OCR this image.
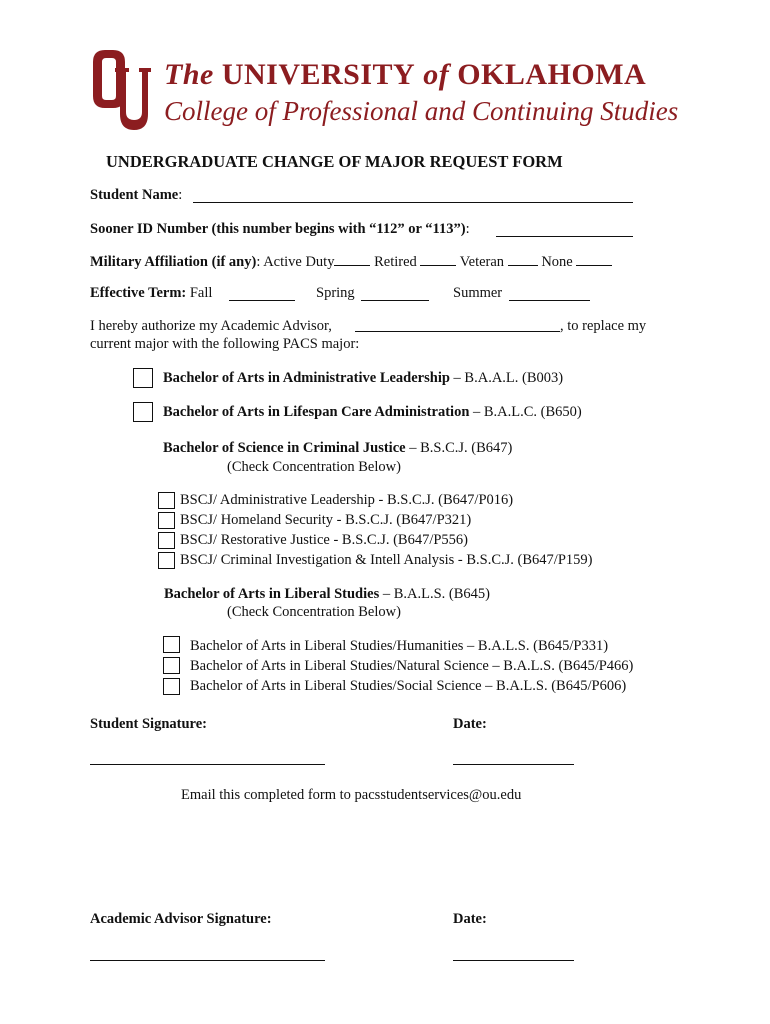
The UNIVERSITY of OKLAHOMA
College of Professional and Continuing Studies
UNDERGRADUATE CHANGE OF MAJOR REQUEST FORM
Student Name:
Sooner ID Number (this number begins with “112” or “113”):
Military Affiliation (if any): Active Duty	Retired	Veteran	None
Effective Term: Fall	Spring	Summer
I hereby authorize my Academic Advisor,	, to replace my
current major with the following PACS major:
Bachelor of Arts in Administrative Leadership – B.A.A.L. (B003)
Bachelor of Arts in Lifespan Care Administration – B.A.L.C. (B650)
Bachelor of Science in Criminal Justice – B.S.C.J. (B647)
(Check Concentration Below)
BSCJ/ Administrative Leadership - B.S.C.J. (B647/P016)
BSCJ/ Homeland Security - B.S.C.J. (B647/P321)
BSCJ/ Restorative Justice - B.S.C.J. (B647/P556)
BSCJ/ Criminal Investigation & Intell Analysis - B.S.C.J. (B647/P159)
Bachelor of Arts in Liberal Studies – B.A.L.S. (B645)
(Check Concentration Below)
Bachelor of Arts in Liberal Studies/Humanities – B.A.L.S. (B645/P331)
Bachelor of Arts in Liberal Studies/Natural Science – B.A.L.S. (B645/P466)
Bachelor of Arts in Liberal Studies/Social Science – B.A.L.S. (B645/P606)
Student Signature:	Date:
Email this completed form to pacsstudentservices@ou.edu
Academic Advisor Signature:	Date:
